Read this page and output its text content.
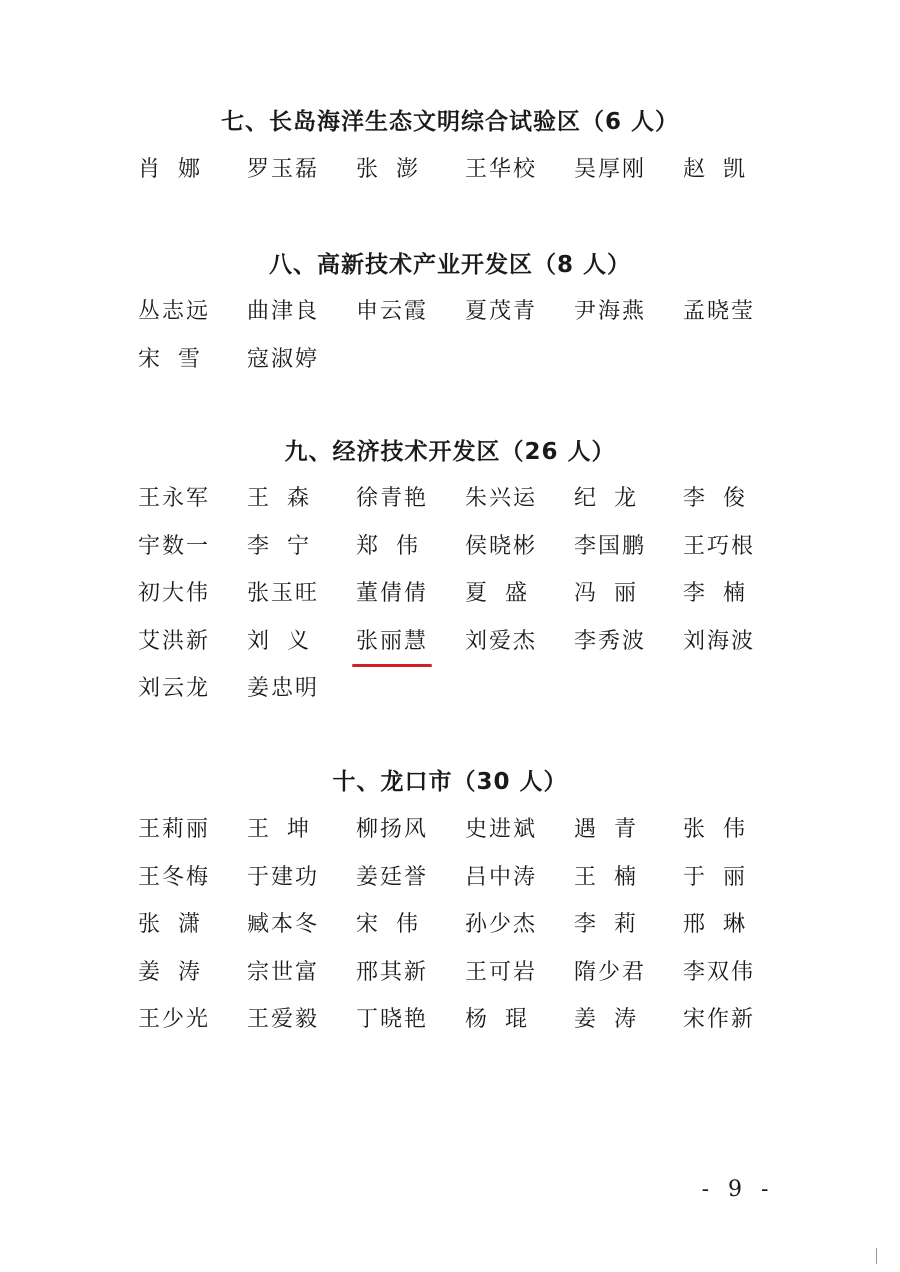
七、长岛海洋生态文明综合试验区（6 人）
肖 娜	罗玉磊	张 澎	王华校	吴厚刚	赵 凯
八、高新技术产业开发区（8 人）
丛志远	曲津良	申云霞	夏茂青	尹海燕	孟晓莹
宋 雪	寇淑婷
九、经济技术开发区（26 人）
王永军	王 森	徐青艳	朱兴运	纪 龙	李 俊
宇数一	李 宁	郑 伟	侯晓彬	李国鹏	王巧根
初大伟	张玉旺	董倩倩	夏 盛	冯 丽	李 楠
艾洪新	刘 义	张丽慧	刘爱杰	李秀波	刘海波
刘云龙	姜忠明
十、龙口市（30 人）
王莉丽	王 坤	柳扬风	史进斌	遇 青	张 伟
王冬梅	于建功	姜廷誉	吕中涛	王 楠	于 丽
张 潇	臧本冬	宋 伟	孙少杰	李 莉	邢 琳
姜 涛	宗世富	邢其新	王可岩	隋少君	李双伟
王少光	王爱毅	丁晓艳	杨 琨	姜 涛	宋作新
- 9 -
